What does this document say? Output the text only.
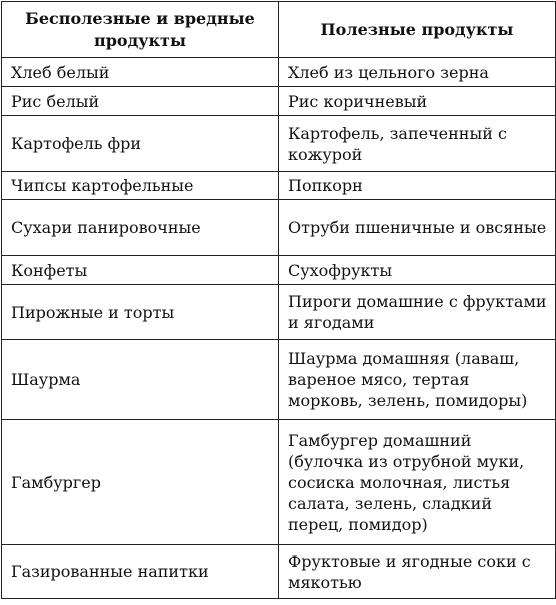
Бесполезные и вредные продукты	Полезные продукты
Хлеб белый	Хлеб из цельного зерна
Рис белый	Рис коричневый
Картофель фри	Картофель, запеченный с кожурой
Чипсы картофельные	Попкорн
Сухари панировочные	Отруби пшеничные и овсяные
Конфеты	Сухофрукты
Пирожные и торты	Пироги домашние с фруктами и ягодами
Шаурма	Шаурма домашняя (лаваш, вареное мясо, тертая морковь, зелень, помидоры)
Гамбургер	Гамбургер домашний (булочка из отрубной муки, сосиска молочная, листья салата, зелень, сладкий перец, помидор)
Газированные напитки	Фруктовые и ягодные соки с мякотью
